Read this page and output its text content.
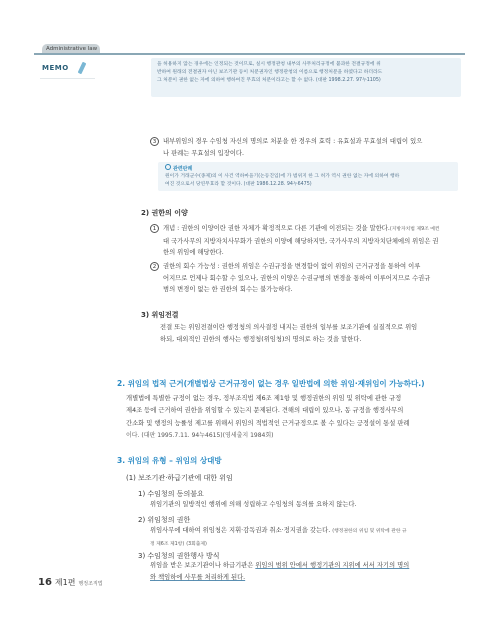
Administrative law
MEMO	을 허용하지 않는 경우에는 인정되는 것이므로, 실시 행정관청 내부의 사무처리규정에 불과한 전결규정에 위
반하여 원래의 전결권자 아닌 보조기관 등이 처분권자인 행정관청의 이름으로 행정처분을 하였다고 하더라도
그 처분이 권한 없는 자에 의하여 행하여진 무효의 처분이라고는 할 수 없다. (대판 1998.2.27. 97누1105)
3 내부위임의 경우 수임청 자신의 명의로 처분을 한 경우의 효력 : 유효설과 무효설의 대립이 있으
나 판례는 무효설의 입장이다.
관련판례
원이가 거래군수(종제)의 이 사건 역하마을기(논등진입)에 가 범위지 한 그 허가 역시 권한 없는 자에 의하여 행하
여진 것으로서 당연무효라 할 것이다. (대판 1986.12.28. 94누6475)
2) 권한의 이양
1 개념 : 권한의 이양이란 권한 자체가 확정적으로 다른 기관에 이전되는 것을 말한다.(지방자치법 제9조 예컨
대 국가사무의 지방자치사무화가 권한의 이양에 해당하지만, 국가사무의 지방자치단체에의 위임은 권
한의 위임에 해당한다.
2 권한의 회수 가능성 : 권한의 위임은 수권규정을 변경함이 없이 위임의 근거규정을 통하여 이루
어지므로 언제나 회수할 수 있으나, 권한의 이양은 수권규범의 변경을 통하여 이루어지므로 수권규
범의 변경이 없는 한 권한의 회수는 불가능하다.
3) 위임전결
전결 또는 위임전결이란 행정청의 의사결정 내지는 권한의 일부를 보조기관에 실질적으로 위임
하되, 대외적인 권한의 행사는 행정청(위임청)의 명의로 하는 것을 말한다.
2. 위임의 법적 근거(개별법상 근거규정이 없는 경우 일반법에 의한 위임·재위임이 가능하다.)
개별법에 특별한 규정이 없는 경우, 정부조직법 제6조 제1항 및 행정권한의 위임 및 위탁에 관한 규정
제4조 등에 근거하여 권한을 위임할 수 있는지 문제된다. 견해의 대립이 있으나, 동 규정을 행정사무의
간소화 및 행정의 능률성 제고를 위해서 위임의 적법적인 근거규정으로 볼 수 있다는 긍정설이 통설 판례
이다. (대판 1995.7.11. 94누4615)(영세출지 1984회)
3. 위임의 유형 – 위임의 상대방
(1) 보조기관·하급기관에 대한 위임
1) 수임청의 동의불요
위임기관의 일방적인 행위에 의해 성립하고 수임청의 동의를 요하지 않는다.
2) 위임청의 권한
위임사무에 대하여 위임청은 지휘·감독권과 취소·정지권을 갖는다. (행정권한의 위임 및 위탁에 관한 규
정 제6조 제1항) (3회출제)
3) 수임청의 권한행사 방식
위임을 받은 보조기관이나 하급기관은 위임의 범위 안에서 행정기관의 지위에 서서 자기의 명의
와 책임하에 사무를 처리하게 된다.
16 제1편 행정조직법
